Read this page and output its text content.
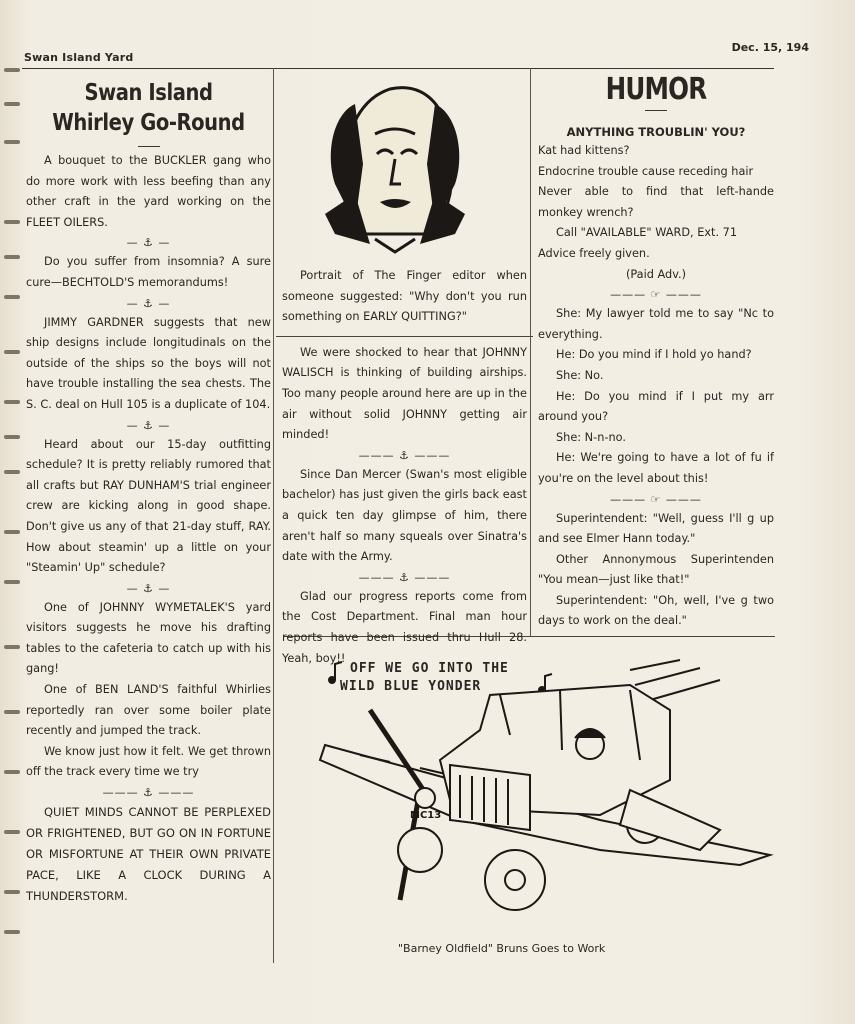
Swan Island Yard
Dec. 15, 194
Swan Island
Whirley Go-Round

A bouquet to the BUCKLER gang who do more work with less beefing than any other craft in the yard working on the FLEET OILERS.

— ⚓ —

Do you suffer from insomnia? A sure cure—BECHTOLD'S memorandums!

— ⚓ —

JIMMY GARDNER suggests that new ship designs include longitudinals on the outside of the ships so the boys will not have trouble installing the sea chests. The S. C. deal on Hull 105 is a duplicate of 104.

— ⚓ —

Heard about our 15-day outfitting schedule? It is pretty reliably rumored that all crafts but RAY DUNHAM'S trial engineer crew are kicking along in good shape. Don't give us any of that 21-day stuff, RAY. How about steamin' up a little on your "Steamin' Up" schedule?

— ⚓ —

One of JOHNNY WYMETALEK'S yard visitors suggests he move his drafting tables to the cafeteria to catch up with his gang!

One of BEN LAND'S faithful Whirlies reportedly ran over some boiler plate recently and jumped the track.

We know just how it felt. We get thrown off the track every time we try

——— ⚓ ———

QUIET MINDS CANNOT BE PERPLEXED OR FRIGHTENED, BUT GO ON IN FORTUNE OR MISFORTUNE AT THEIR OWN PRIVATE PACE, LIKE A CLOCK DURING A THUNDERSTORM.

Portrait of The Finger editor when someone suggested: "Why don't you run something on EARLY QUITTING?"

We were shocked to hear that JOHNNY WALISCH is thinking of building airships. Too many people around here are up in the air without solid JOHNNY getting air minded!

——— ⚓ ———

Since Dan Mercer (Swan's most eligible bachelor) has just given the girls back east a quick ten day glimpse of him, there aren't half so many squeals over Sinatra's date with the Army.

——— ⚓ ———

Glad our progress reports come from the Cost Department. Final man hour reports have been issued thru Hull 28. Yeah, boy!!

HUMOR
ANYTHING TROUBLIN' YOU?

Kat had kittens?

Endocrine trouble cause receding hair

Never able to find that left-hande monkey wrench?

Call "AVAILABLE" WARD, Ext. 71

Advice freely given.

(Paid Adv.)

——— ☞ ———

She: My lawyer told me to say "Nc to everything.

He: Do you mind if I hold yo hand?

She: No.

He: Do you mind if I put my arr around you?

She: N-n-no.

He: We're going to have a lot of fu if you're on the level about this!

——— ☞ ———

Superintendent: "Well, guess I'll g up and see Elmer Hann today."

Other Annonymous Superintenden "You mean—just like that!"

Superintendent: "Oh, well, I've g two days to work on the deal."

OFF WE GO INTO THE
WILD BLUE YONDER
MC13
"Barney Oldfield" Bruns Goes to Work
